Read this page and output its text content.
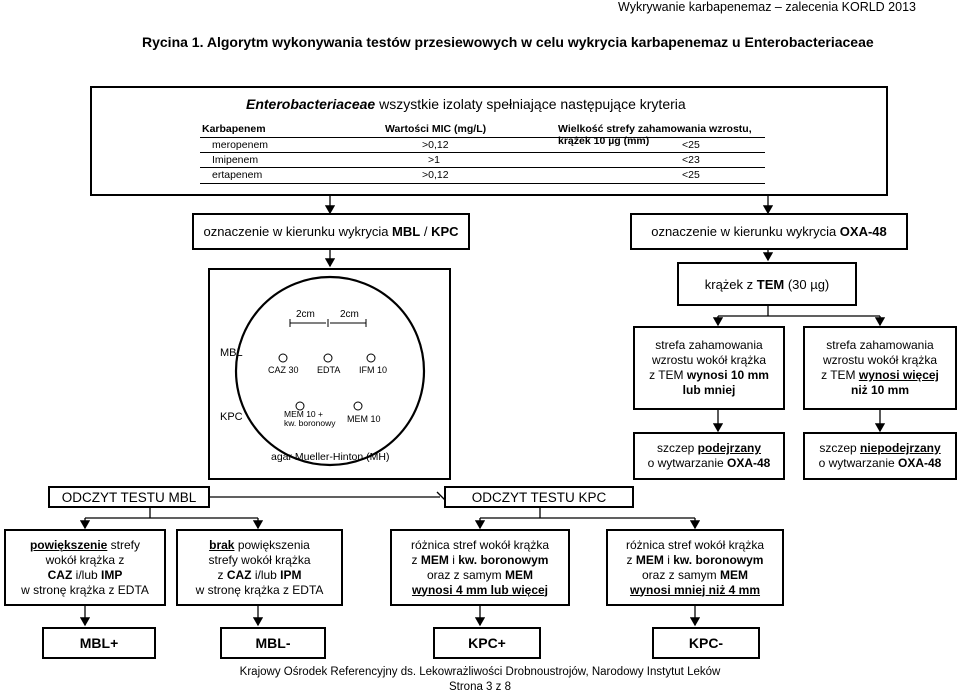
Wykrywanie karbapenemaz – zalecenia KORLD 2013
Rycina 1. Algorytm wykonywania testów przesiewowych w celu wykrycia karbapenemaz u Enterobacteriaceae
Enterobacteriaceae wszystkie izolaty spełniające następujące kryteria
Karbapenem	Wartości MIC (mg/L)	Wielkość strefy zahamowania wzrostu, krążek 10 µg (mm)
meropenem	>0,12	<25
Imipenem	>1	<23
ertapenem	>0,12	<25
oznaczenie w kierunku wykrycia MBL / KPC	oznaczenie w kierunku wykrycia OXA-48
krążek z TEM (30 µg)
2cm	2cm
MBL
KPC
CAZ 30 EDTA IFM 10
MEM 10 +
kw. boronowy MEM 10
agar Mueller-Hinton (MH)
strefa zahamowania
wzrostu wokół krążka
z TEM wynosi 10 mm
lub mniej
strefa zahamowania
wzrostu wokół krążka
z TEM wynosi więcej
niż 10 mm
szczep podejrzany
o wytwarzanie OXA-48
szczep niepodejrzany
o wytwarzanie OXA-48
ODCZYT TESTU MBL	ODCZYT TESTU KPC
powiększenie strefy
wokół krążka z
CAZ i/lub IMP
w stronę krążka z EDTA
brak powiększenia
strefy wokół krążka
z CAZ i/lub IPM
w stronę krążka z EDTA
różnica stref wokół krążka
z MEM i kw. boronowym
oraz z samym MEM
wynosi 4 mm lub więcej
różnica stref wokół krążka
z MEM i kw. boronowym
oraz z samym MEM
wynosi mniej niż 4 mm
MBL+	MBL-	KPC+	KPC-
Krajowy Ośrodek Referencyjny ds. Lekowrażliwości Drobnoustrojów, Narodowy Instytut Leków
Strona 3 z 8
